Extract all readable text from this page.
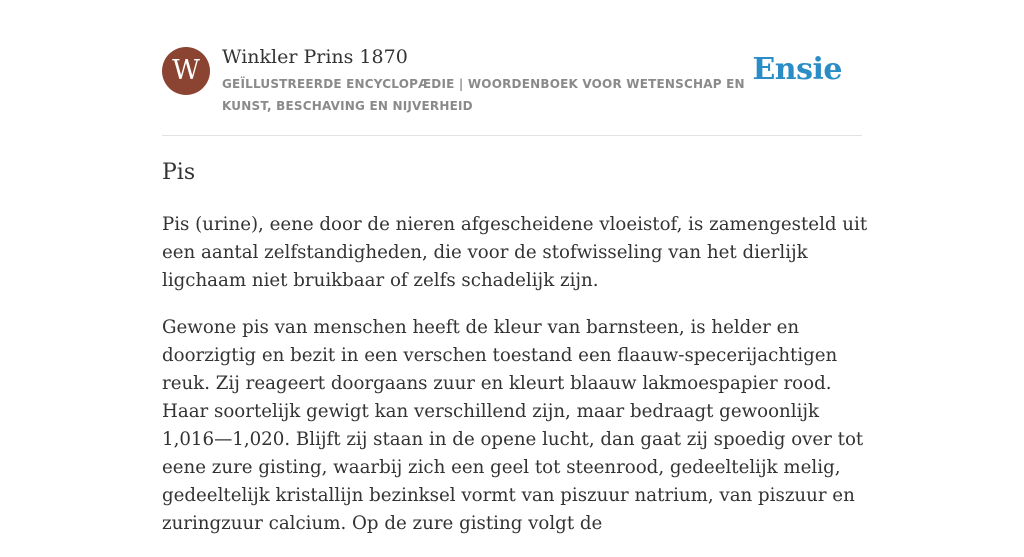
W	Winkler Prins 1870
GEÏLLUSTREERDE ENCYCLOPÆDIE | WOORDENBOEK VOOR WETENSCHAP EN KUNST, BESCHAVING EN NIJVERHEID
Ensie
Pis

Pis (urine), eene door de nieren afgescheidene vloeistof, is zamengesteld uit een aantal zelfstandigheden, die voor de stofwisseling van het dierlijk ligchaam niet bruikbaar of zelfs schadelijk zijn.

Gewone pis van menschen heeft de kleur van barnsteen, is helder en doorzigtig en bezit in een verschen toestand een flaauw-specerijachtigen reuk. Zij reageert doorgaans zuur en kleurt blaauw lakmoespapier rood. Haar soortelijk gewigt kan verschillend zijn, maar bedraagt gewoonlijk 1,016—1,020. Blijft zij staan in de opene lucht, dan gaat zij spoedig over tot eene zure gisting, waarbij zich een geel tot steenrood, gedeeltelijk melig, gedeeltelijk kristallijn bezinksel vormt van piszuur natrium, van piszuur en zuringzuur calcium. Op de zure gisting volgt de
